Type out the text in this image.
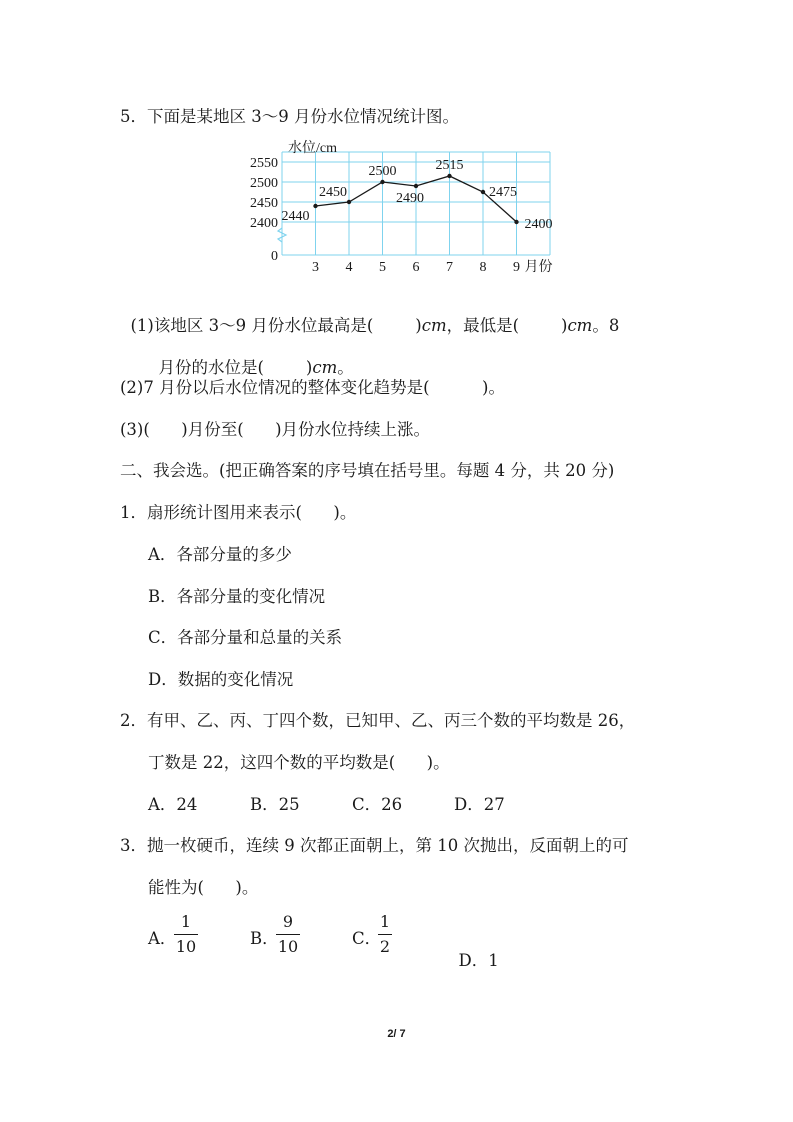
5．下面是某地区 3～9 月份水位情况统计图。
水位/cm
2550
2500
2450
2400
0
3 4 5 6 7 8 9 月份
2440
2450
2500
2490
2515
2475
2400

(1)该地区 3～9 月份水位最高是(        )cm，最低是(        )cm。8

月份的水位是(        )cm。

(2)7 月份以后水位情况的整体变化趋势是(          )。
(3)(      )月份至(      )月份水位持续上涨。
二、我会选。(把正确答案的序号填在括号里。每题 4 分，共 20 分)
1．扇形统计图用来表示(      )。
A．各部分量的多少
B．各部分量的变化情况
C．各部分量和总量的关系
D．数据的变化情况
2．有甲、乙、丙、丁四个数，已知甲、乙、丙三个数的平均数是 26，
丁数是 22，这四个数的平均数是(      )。
A．24	B．25	C．26	D．27
3．抛一枚硬币，连续 9 次都正面朝上，第 10 次抛出，反面朝上的可
能性为(      )。
A．
1
10	B．
9
10	C．
1
2

D．1

2/ 7
